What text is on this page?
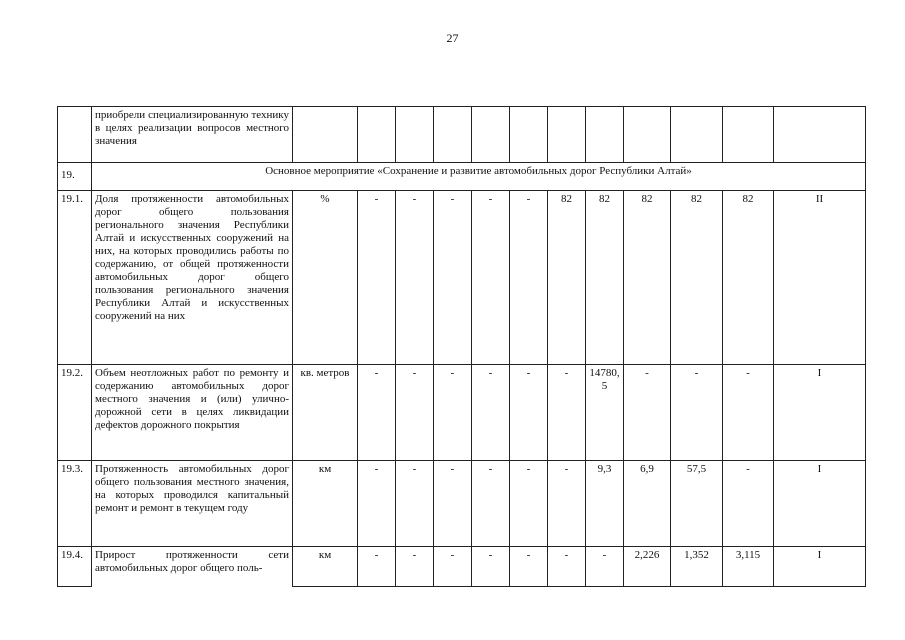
27
	приобрели специализированную технику в целях реализации вопросов местного значения												
19.	Основное мероприятие «Сохранение и развитие автомобильных дорог Республики Алтай»												
19.1.	Доля протяженности автомобильных дорог общего пользования регионального значения Республики Алтай и искусственных сооружений на них, на которых проводились работы по содержанию, от общей протяженности автомобильных дорог общего пользования регионального значения Республики Алтай и искусственных сооружений на них	%	-	-	-	-	-	82	82	82	82	82	II
19.2.	Объем неотложных работ по ремонту и содержанию автомобильных дорог местного значения и (или) улично-дорожной сети в целях ликвидации дефектов дорожного покрытия	кв. метров	-	-	-	-	-	-	14780,5	-	-	-	I
19.3.	Протяженность автомобильных дорог общего пользования местного значения, на которых проводился капитальный ремонт и ремонт в текущем году	км	-	-	-	-	-	-	9,3	6,9	57,5	-	I
19.4.	Прирост протяженности сети автомобильных дорог общего поль-	км	-	-	-	-	-	-	-	2,226	1,352	3,115	I
